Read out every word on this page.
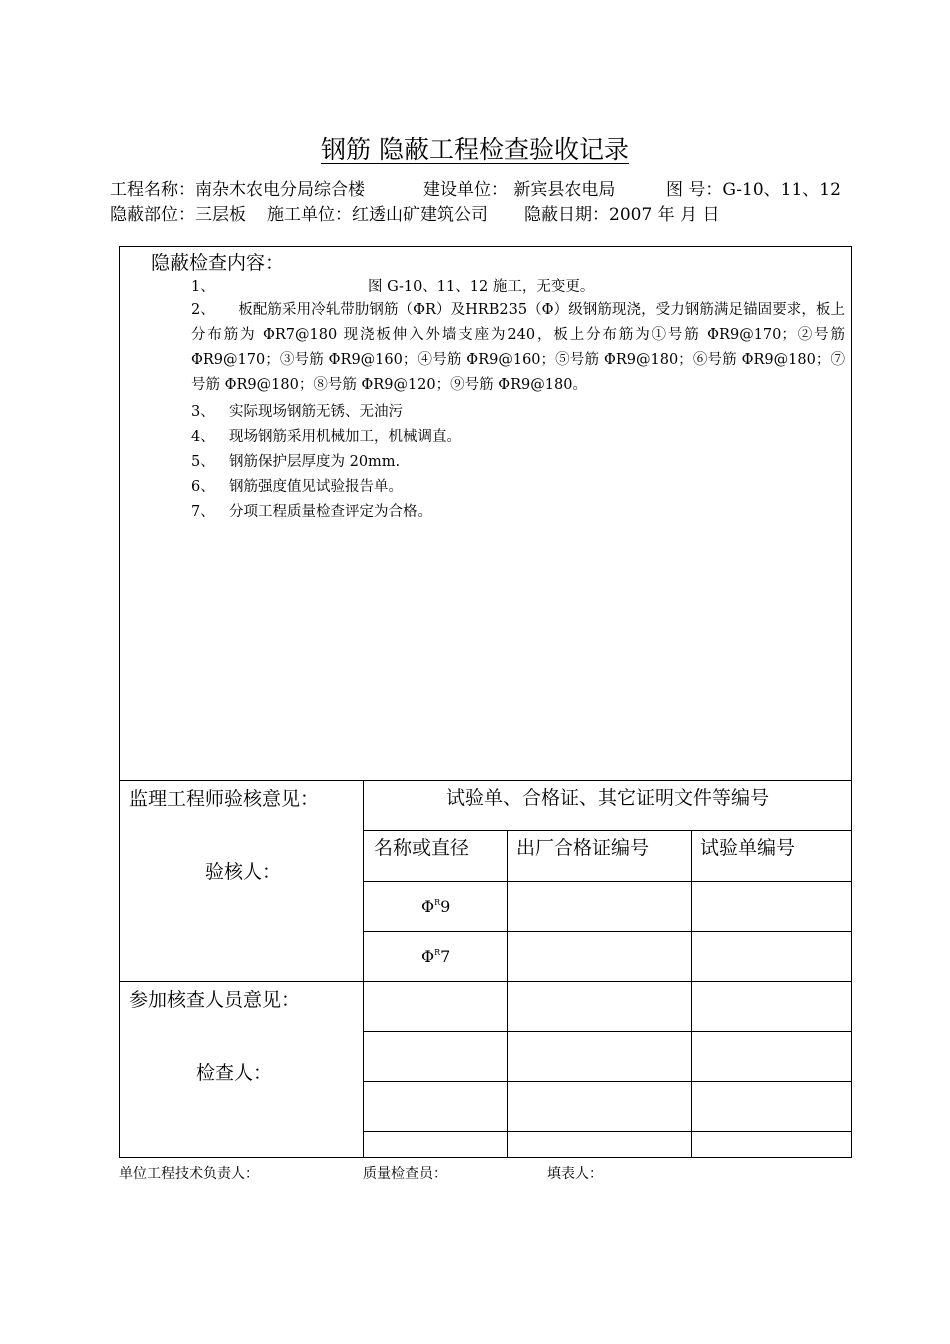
钢筋 隐蔽工程检查验收记录
工程名称：南杂木农电分局综合楼	建设单位： 新宾县农电局	图 号：G-10、11、12
隐蔽部位：三层板 施工单位：红透山矿建筑公司 隐蔽日期：2007 年 月 日
隐蔽检查内容：
1、	图 G-10、11、12 施工，无变更。
2、 板配筋采用冷轧带肋钢筋（ΦR）及HRB235（Φ）级钢筋现浇，受力钢筋满足锚固要求，板上分布筋为 ΦR7@180 现浇板伸入外墙支座为240，板上分布筋为①号筋 ΦR9@170；②号筋 ΦR9@170；③号筋 ΦR9@160；④号筋 ΦR9@160；⑤号筋 ΦR9@180；⑥号筋 ΦR9@180；⑦号筋 ΦR9@180；⑧号筋 ΦR9@120；⑨号筋 ΦR9@180。
3、 实际现场钢筋无锈、无油污
4、 现场钢筋采用机械加工，机械调直。
5、 钢筋保护层厚度为 20mm.
6、 钢筋强度值见试验报告单。
7、 分项工程质量检查评定为合格。
监理工程师验核意见：
验核人：
参加核查人员意见：
检查人：
试验单、合格证、其它证明文件等编号
名称或直径 出厂合格证编号	试验单编号
$\Phi^R9$
$\Phi^R7$
单位工程技术负责人：	质量检查员：	填表人：
